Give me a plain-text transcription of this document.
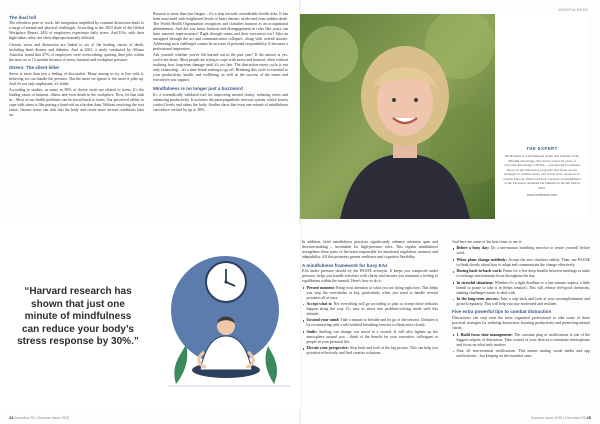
MINDFULNESS
The dual toll

The relentless pace of work, life integration amplified by constant distraction leads to a surge of mental and physical challenges. According to the 2023 State of the Global Workplace Report, 44% of employees experience daily stress. And EAs, with their high-stakes roles, are often disproportionately affected.

Chronic stress and distraction are linked to six of the leading causes of death, including heart disease and diabetes. And in 2021, a study conducted by Allianz Australia found that 47% of employees were overworking, quitting their jobs within the next six to 12 months because of stress, burnout and workplace pressure.

Stress: The silent killer

Stress is more than just a feeling of discomfort. Many among us try to live with it, believing we can handle the pressure. But the more we ignore it, the more it piles up. And it's not only unpleasant, it's lethal.

According to studies, as many as 90% of doctor visits are related to stress. It's the leading cause of burnout, illness and even death in the workplace. Now, let that sink in... Most of our health problems can be traced back to stress. Our perceived ability to cope with stress is like putting a band-aid on a broken dam. Without resolving the root cause, chronic stress can sink into the body and create more serious conditions later on.

Burnout is more than just fatigue – it's a step towards considerable health risks. It has been associated with heightened levels of heart disease, stroke and even sudden death. The World Health Organization recognises and classifies burnout as an occupational phenomenon. And did you know burnout and disengagement in roles like yours can have massive repercussions? Right through teams and their executives too? Take an uncapped through the art and communication collapses, along with overall morale. Addressing such challenges cannot be an issue of personal responsibility. It becomes a professional imperative.

Ask yourself whether you've felt burned out in the past year? If the answer is yes, you're not alone. Most people are trying to cope with stress and burnout, often without realising how long-term damage until it's too late. The distraction-stress cycle is not only exhausting – it's a time bomb waiting to go off. Breaking this cycle is essential to your productivity, health, and wellbeing, as well as the success of the teams and executives you support.

Mindfulness is no longer just a buzzword

It's a scientifically validated tool for improving mental clarity, reducing stress and enhancing productivity. It activates the parasympathetic nervous system, which lowers cortisol levels and calms the body. Studies show that even one minute of mindfulness can reduce cortisol by up to 30%.

THE EXPERT
Heidi Raine is a mindfulness leader and founder of the Mindful Advantage. She draws on her 20 years of corporate knowledge with the ... psychological wellness theory in her innovative programs that focus on real strategies to combat stress, and reveal more resources to combat burnout. Heidi will host a session on mindfulness at the Executive Assistant PA Summit on the 6th March 2025.
www.heidiraine.com
“Harvard research has shown that just one minute of mindfulness can reduce your body’s stress response by 30%.”

In addition, brief mindfulness practices significantly enhance attention span and decision-making – invaluable for high-pressure roles. This regular mindfulness strengthens those parts of the brain responsible for emotional regulation, memory and adaptability. All this promotes greater resilience and cognitive flexibility.

A mindfulness framework for busy EAs

EAs under pressure should try the PAUSE acronym. It keeps you composed under pressure, helps you handle activities with clarity and ensures you maintain a feeling of equilibrium within the turmoil. Here's how to do it:

Present moment: Bring your attention to what you are doing right now. This helps you stop the overwhelm at bay, particularly when you need to handle several priorities all at once.
Accept what is: Not everything will go according to plan so accept those setbacks happen along the way. It's easy to stress into problem-solving mode with this attitude.
Unwind your mind: Take a minute to breathe and let go of the tension. Unfasten it by reconnecting with a self-soothed breathing exercise to think more clearly.
Smile: Smiling can change our mood in a second. It will also lighten up the atmosphere around you – think of the benefit for your executive, colleagues or people in your personal life.
Elevate your perspective: Step back and look at the big picture. This can help you prioritise effectively and find creative solutions.

And here are some of the best times to use it:

Before a busy day: Do a one-minute breathing exercise to centre yourself before work.
When plans change suddenly: Accept the new situation calmly. Then, use PAUSE to think clearly about how to adapt and communicate the change effectively.
During back-to-back work: Pause for a few deep breaths between meetings or tasks to recharge and maintain focus throughout the day.
In stressful situations: Whether it's a tight deadline or a last-minute request, a little breath to pause to take it in (helps tension). This will release feel-good chemicals, making challenges easier to deal with.
In the long-term success: Take a step back and look at your accomplishments and growth regularly. This will help you stay motivated and resilient.
Five extra powerful tips to combat distraction

Distractions can stop even the most organised professional to take some of these practical strategies for reducing distraction, boosting productivity and preserving mental clarity.

1. Build focus time management: The constant ping of notifications is one of the biggest culprits of distraction. Take control of your devices to minimise interruptions and focus on what truly matters.
Shut off non-essential notifications. This means muting social media and app notifications – but keeping on the essential ones.
24 Executive PA | Summer Issue 2025	Summer Issue 2025 | Executive PA 25
